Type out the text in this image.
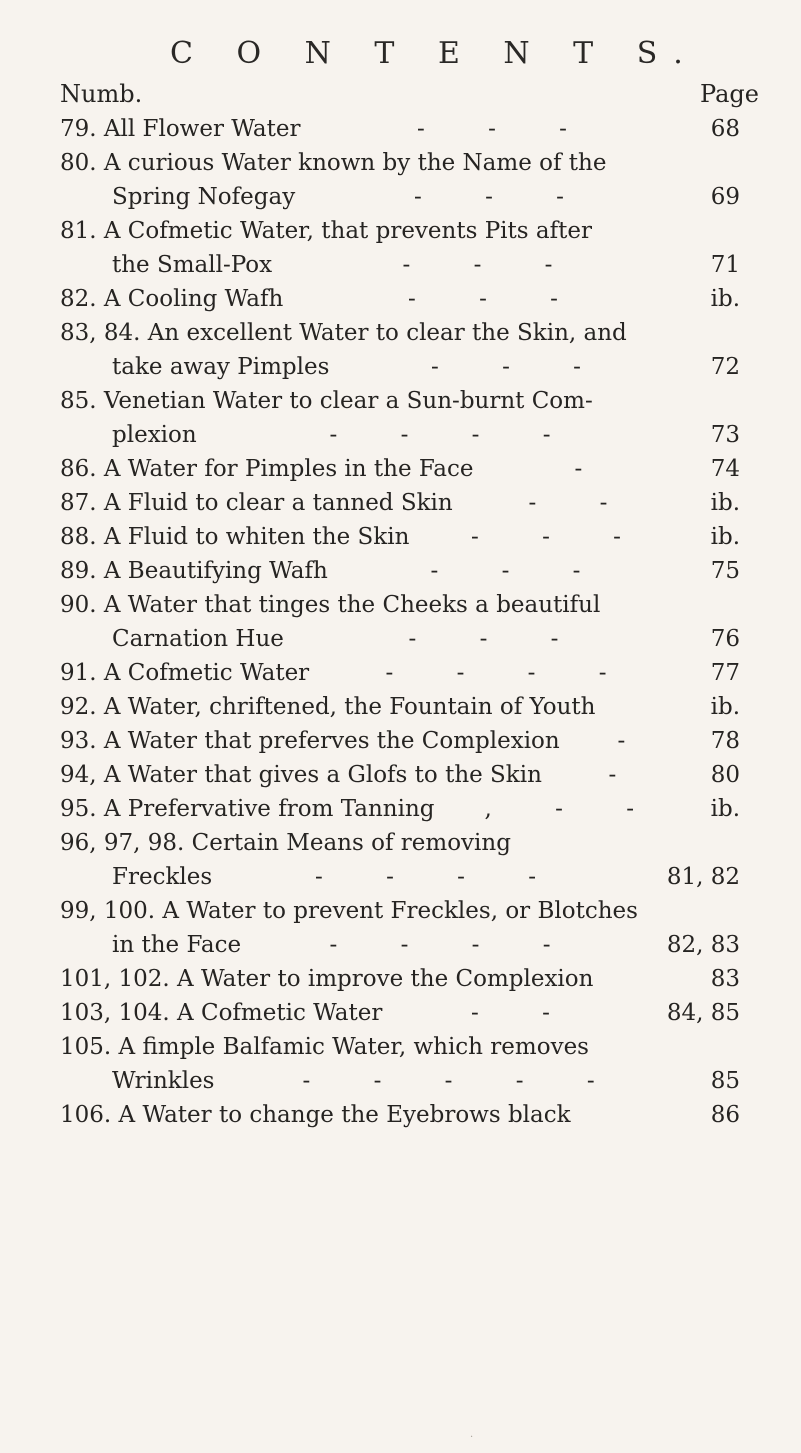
C O N T E N T S.
Numb.	Page
79. All Flower Water	- - -	68
80. A curious Water known by the Name of the
Spring Nofegay	- - -	69
81. A Cofmetic Water, that prevents Pits after
the Small-Pox	- - -	71
82. A Cooling Wafh	- - -	ib.
83, 84. An excellent Water to clear the Skin, and
take away Pimples	- - -	72
85. Venetian Water to clear a Sun-burnt Com-
plexion	- - - -	73
86. A Water for Pimples in the Face	-	74
87. A Fluid to clear a tanned Skin	- -	ib.
88. A Fluid to whiten the Skin	- - -	ib.
89. A Beautifying Wafh	- - -	75
90. A Water that tinges the Cheeks a beautiful
Carnation Hue	- - -	76
91. A Cofmetic Water	- - - -	77
92. A Water, chriftened, the Fountain of Youth	ib.
93. A Water that preferves the Complexion	- 78
94, A Water that gives a Glofs to the Skin	-	80
95. A Prefervative from Tanning , - - ib.
96, 97, 98. Certain Means of removing
Freckles	- - - -	81, 82
99, 100. A Water to prevent Freckles, or Blotches
in the Face	- - - -	82, 83
101, 102. A Water to improve the Complexion	83
103, 104. A Cofmetic Water	- -	84, 85
105. A fimple Balfamic Water, which removes
Wrinkles	- - - - -	85
106. A Water to change the Eyebrows black	86
·
